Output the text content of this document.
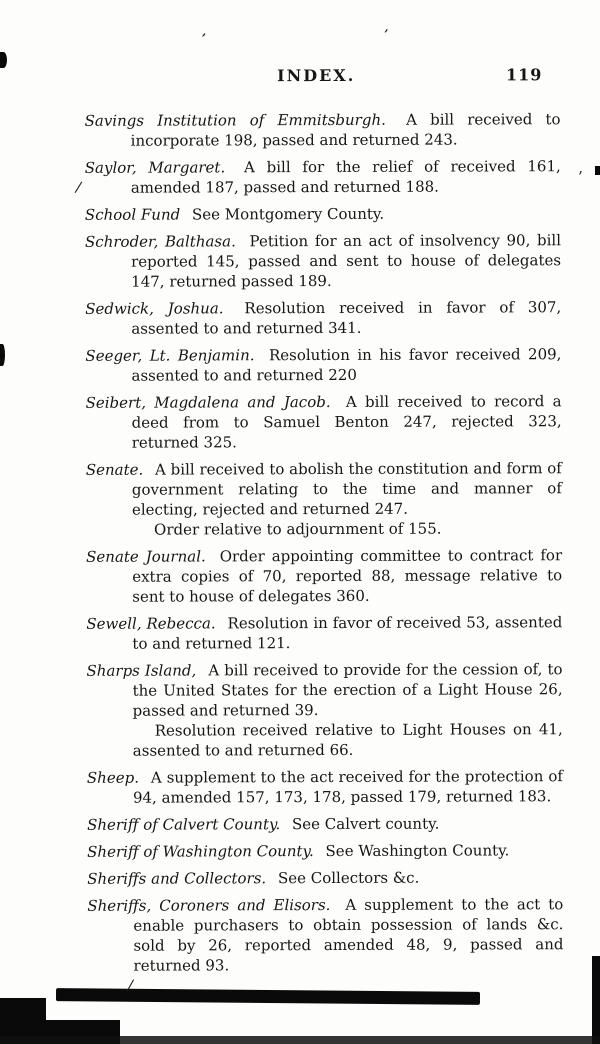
INDEX.	119

Savings Institution of Emmitsburgh. A bill received to incorporate 198, passed and returned 243.

Saylor, Margaret. A bill for the relief of received 161, amended 187, passed and returned 188.

School Fund See Montgomery County.

Schroder, Balthasa. Petition for an act of insolvency 90, bill reported 145, passed and sent to house of delegates 147, returned passed 189.

Sedwick, Joshua. Resolution received in favor of 307, assented to and returned 341.

Seeger, Lt. Benjamin. Resolution in his favor received 209, assented to and returned 220

Seibert, Magdalena and Jacob. A bill received to record a deed from to Samuel Benton 247, rejected 323, returned 325.

Senate. A bill received to abolish the constitution and form of government relating to the time and manner of electing, rejected and returned 247.

Order relative to adjournment of 155.

Senate Journal. Order appointing committee to contract for extra copies of 70, reported 88, message relative to sent to house of delegates 360.

Sewell, Rebecca. Resolution in favor of received 53, assented to and returned 121.

Sharps Island, A bill received to provide for the cession of, to the United States for the erection of a Light House 26, passed and returned 39.

Resolution received relative to Light Houses on 41, assented to and returned 66.

Sheep. A supplement to the act received for the protection of 94, amended 157, 173, 178, passed 179, returned 183.

Sheriff of Calvert County. See Calvert county.

Sheriff of Washington County. See Washington County.

Sheriffs and Collectors. See Collectors &c.

Sheriffs, Coroners and Elisors. A supplement to the act to enable purchasers to obtain possession of lands &c. sold by 26, reported amended 48, 9, passed and returned 93.

’	’
/
’
/
